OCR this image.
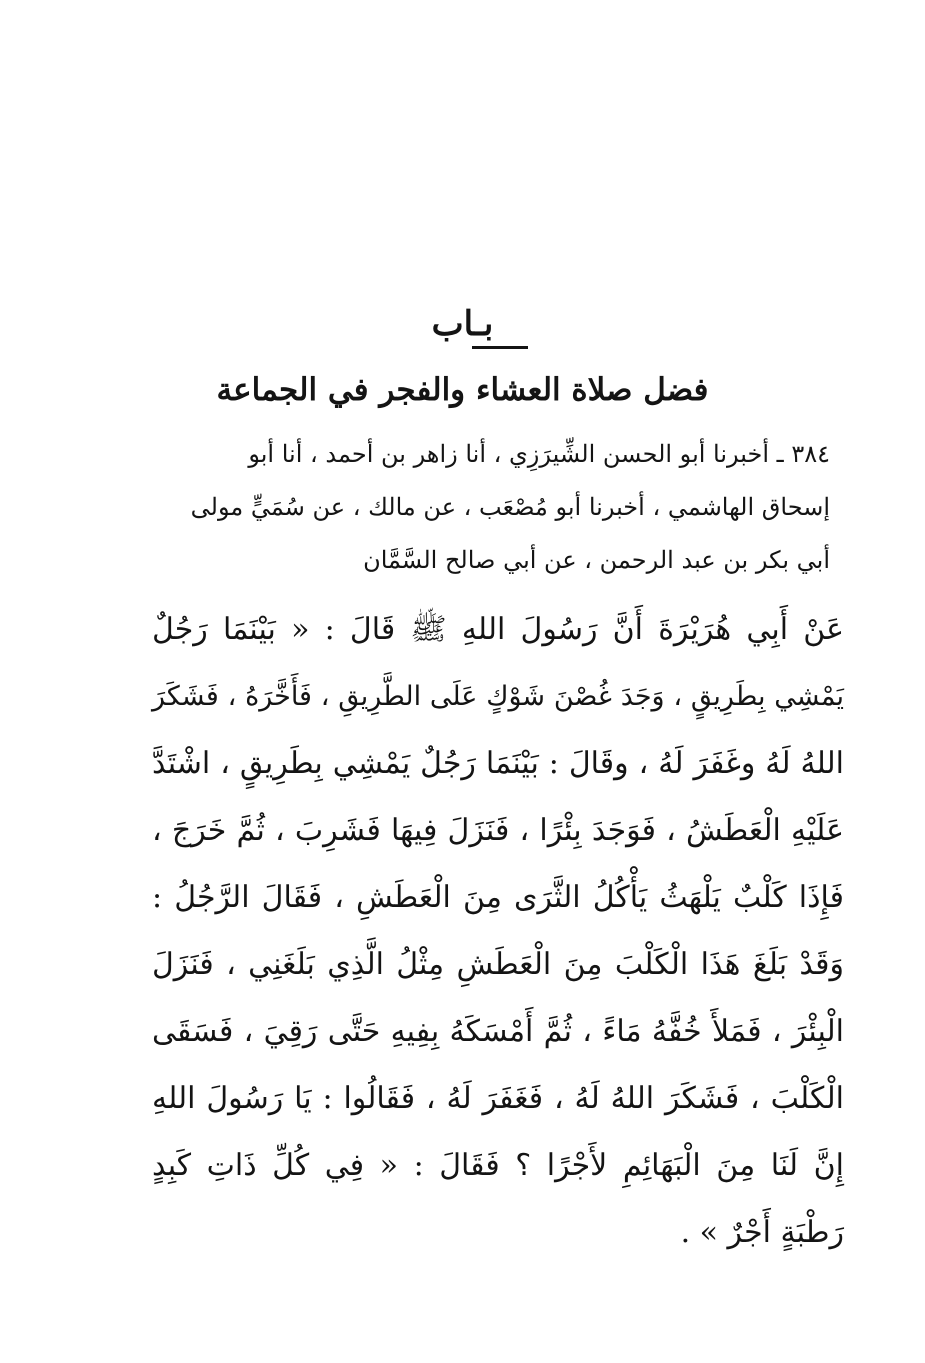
بـاب
فضل صلاة العشاء والفجر في الجماعة

٣٨٤ ـ أخبرنا أبو الحسن الشِّيرَزِي ، أنا زاهر بن أحمد ، أنا أبو

إسحاق الهاشمي ، أخبرنا أبو مُصْعَب ، عن مالك ، عن سُمَيٍّ مولى

أبي بكر بن عبد الرحمن ، عن أبي صالح السَّمَّان

عَنْ أَبِي هُرَيْرَةَ أَنَّ رَسُولَ اللهِ ﷺ قَالَ : « بَيْنَمَا رَجُلٌ

يَمْشِي بِطَرِيقٍ ، وَجَدَ غُصْنَ شَوْكٍ عَلَى الطَّرِيقِ ، فَأَخَّرَهُ ، فَشَكَرَ

اللهُ لَهُ وغَفَرَ لَهُ ، وقَالَ : بَيْنَمَا رَجُلٌ يَمْشِي بِطَرِيقٍ ، اشْتَدَّ

عَلَيْهِ الْعَطَشُ ، فَوَجَدَ بِئْرًا ، فَنَزَلَ فِيهَا فَشَرِبَ ، ثُمَّ خَرَجَ ،

فَإِذَا كَلْبٌ يَلْهَثُ يَأْكُلُ الثَّرَى مِنَ الْعَطَشِ ، فَقَالَ الرَّجُلُ :

وَقَدْ بَلَغَ هَذَا الْكَلْبَ مِنَ الْعَطَشِ مِثْلُ الَّذِي بَلَغَنِي ، فَنَزَلَ

الْبِئْرَ ، فَمَلأَ خُفَّهُ مَاءً ، ثُمَّ أَمْسَكَهُ بِفِيهِ حَتَّى رَقِيَ ، فَسَقَى

الْكَلْبَ ، فَشَكَرَ اللهُ لَهُ ، فَغَفَرَ لَهُ ، فَقَالُوا : يَا رَسُولَ اللهِ

إِنَّ لَنَا مِنَ الْبَهَائِمِ لأَجْرًا ؟ فَقَالَ : « فِي كُلِّ ذَاتِ كَبِدٍ

رَطْبَةٍ أَجْرٌ » .
